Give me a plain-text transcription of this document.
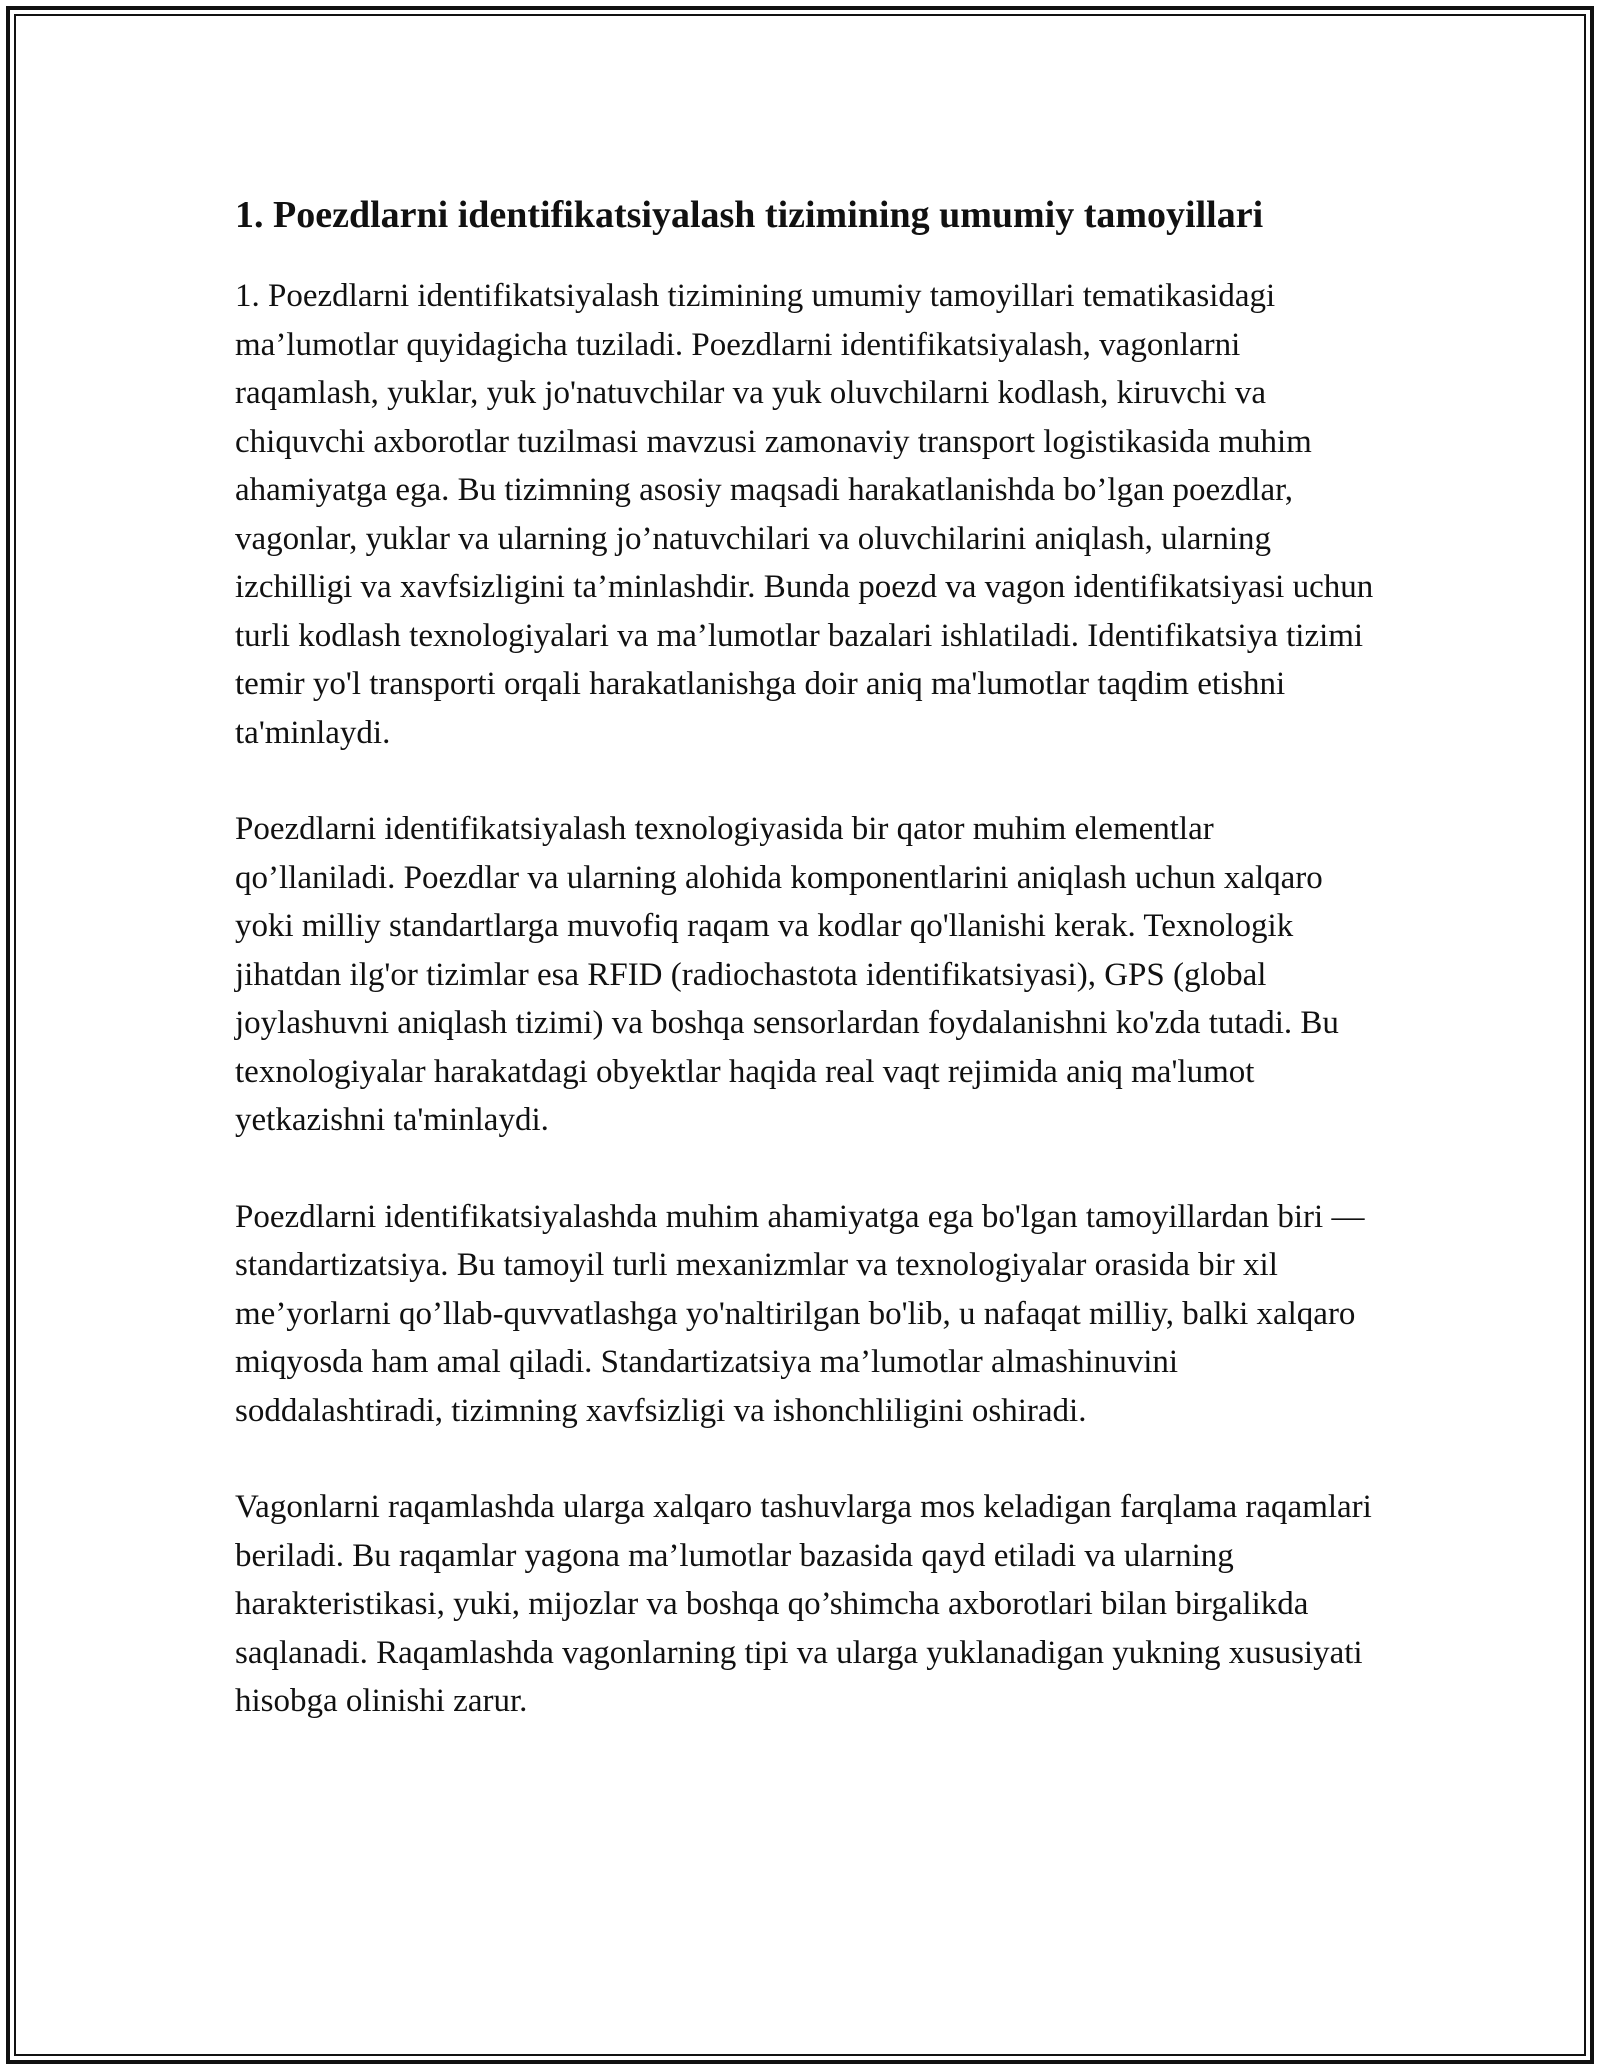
1. Poezdlarni identifikatsiyalash tizimining umumiy tamoyillari

1. Poezdlarni identifikatsiyalash tizimining umumiy tamoyillari tematikasidagi ma’lumotlar quyidagicha tuziladi. Poezdlarni identifikatsiyalash, vagonlarni raqamlash, yuklar, yuk jo'natuvchilar va yuk oluvchilarni kodlash, kiruvchi va chiquvchi axborotlar tuzilmasi mavzusi zamonaviy transport logistikasida muhim ahamiyatga ega. Bu tizimning asosiy maqsadi harakatlanishda bo’lgan poezdlar, vagonlar, yuklar va ularning jo’natuvchilari va oluvchilarini aniqlash, ularning izchilligi va xavfsizligini ta’minlashdir. Bunda poezd va vagon identifikatsiyasi uchun turli kodlash texnologiyalari va ma’lumotlar bazalari ishlatiladi. Identifikatsiya tizimi temir yo'l transporti orqali harakatlanishga doir aniq ma'lumotlar taqdim etishni ta'minlaydi.

Poezdlarni identifikatsiyalash texnologiyasida bir qator muhim elementlar qo’llaniladi. Poezdlar va ularning alohida komponentlarini aniqlash uchun xalqaro yoki milliy standartlarga muvofiq raqam va kodlar qo'llanishi kerak. Texnologik jihatdan ilg'or tizimlar esa RFID (radiochastota identifikatsiyasi), GPS (global joylashuvni aniqlash tizimi) va boshqa sensorlardan foydalanishni ko'zda tutadi. Bu texnologiyalar harakatdagi obyektlar haqida real vaqt rejimida aniq ma'lumot yetkazishni ta'minlaydi.

Poezdlarni identifikatsiyalashda muhim ahamiyatga ega bo'lgan tamoyillardan biri — standartizatsiya. Bu tamoyil turli mexanizmlar va texnologiyalar orasida bir xil me’yorlarni qo’llab-quvvatlashga yo'naltirilgan bo'lib, u nafaqat milliy, balki xalqaro miqyosda ham amal qiladi. Standartizatsiya ma’lumotlar almashinuvini soddalashtiradi, tizimning xavfsizligi va ishonchliligini oshiradi.

Vagonlarni raqamlashda ularga xalqaro tashuvlarga mos keladigan farqlama raqamlari beriladi. Bu raqamlar yagona ma’lumotlar bazasida qayd etiladi va ularning harakteristikasi, yuki, mijozlar va boshqa qo’shimcha axborotlari bilan birgalikda saqlanadi. Raqamlashda vagonlarning tipi va ularga yuklanadigan yukning xususiyati hisobga olinishi zarur.
